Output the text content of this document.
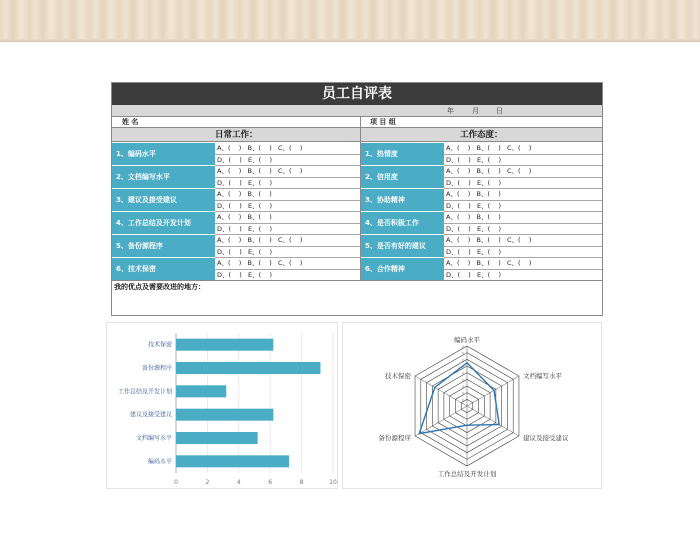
员工自评表
年	月 日
姓 名	项 目 组
日常工作：	工作态度：
1、编码水平
A、(    )   B、(    )   C、(    )
D、(    )   E、(    )
2、文档编写水平
A、(    )   B、(    )   C、(    )
D、(    )   E、(    )
3、建议及接受建议
A、(    )   B、(    )
D、(    )   E、(    )
4、工作总结及开发计划
A、(    )   B、(    )
D、(    )   E、(    )
5、备份源程序
A、(    )   B、(    )   C、(    )
D、(    )   E、(    )
6、技术保密
A、(    )   B、(    )   C、(    )
D、(    )   E、(    )
1、热情度
A、(    )   B、(    )   C、(    )
D、(    )   E、(    )
2、信用度
A、(    )   B、(    )   C、(    )
D、(    )   E、(    )
3、协助精神
A、(    )   B、(    )
D、(    )   E、(    )
4、是否积极工作
A、(    )   B、(    )
D、(    )   E、(    )
5、是否有好的建议
A、(    )   B、(    )   C、(    )
D、(    )   E、(    )
6、合作精神
A、(    )   B、(    )   C、(    )
D、(    )   E、(    )
我的优点及需要改进的地方：
0	2	4	6	8	10
编码水平
文档编写水平
建议及接受建议
工作总结及开发计划
备份源程序
技术保密
编码水平
文档编写水平
建议及接受建议
工作总结及开发计划
备份源程序
技术保密
0
0
0
0
0
0
0
0
0
